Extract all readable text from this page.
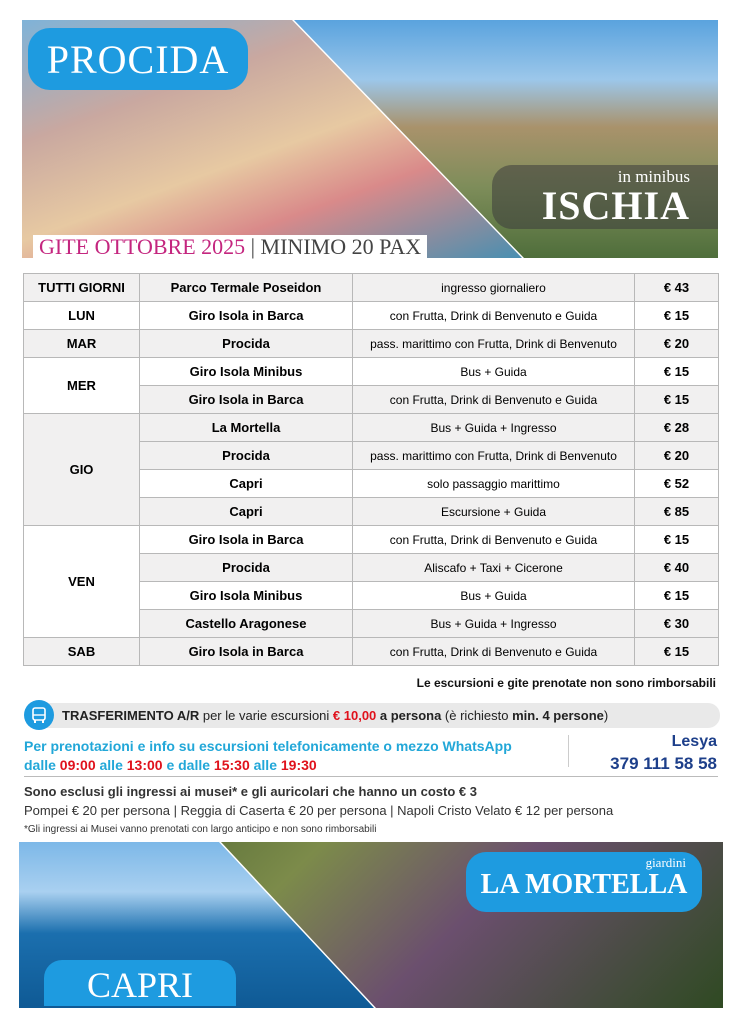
PROCIDA
in minibus
ISCHIA
GITE OTTOBRE 2025 | MINIMO 20 PAX
TUTTI GIORNI	Parco Termale Poseidon	ingresso giornaliero	€ 43
LUN	Giro Isola in Barca	con Frutta, Drink di Benvenuto e Guida	€ 15
MAR	Procida	pass. marittimo con Frutta, Drink di Benvenuto	€ 20
MER	Giro Isola Minibus	Bus + Guida	€ 15
	Giro Isola in Barca	con Frutta, Drink di Benvenuto e Guida	€ 15
GIO	La Mortella	Bus + Guida + Ingresso	€ 28
	Procida	pass. marittimo con Frutta, Drink di Benvenuto	€ 20
	Capri	solo passaggio marittimo	€ 52
	Capri	Escursione + Guida	€ 85
VEN	Giro Isola in Barca	con Frutta, Drink di Benvenuto e Guida	€ 15
	Procida	Aliscafo + Taxi + Cicerone	€ 40
	Giro Isola Minibus	Bus + Guida	€ 15
	Castello Aragonese	Bus + Guida + Ingresso	€ 30
SAB	Giro Isola in Barca	con Frutta, Drink di Benvenuto e Guida	€ 15
Le escursioni e gite prenotate non sono rimborsabili
TRASFERIMENTO A/R per le varie escursioni € 10,00 a persona (è richiesto min. 4 persone)
Per prenotazioni e info su escursioni telefonicamente o mezzo WhatsApp
dalle 09:00 alle 13:00 e dalle 15:30 alle 19:30
Lesya
379 111 58 58
Sono esclusi gli ingressi ai musei* e gli auricolari che hanno un costo € 3
Pompei € 20 per persona | Reggia di Caserta € 20 per persona | Napoli Cristo Velato € 12 per persona
*Gli ingressi ai Musei vanno prenotati con largo anticipo e non sono rimborsabili
CAPRI
giardini
LA MORTELLA
